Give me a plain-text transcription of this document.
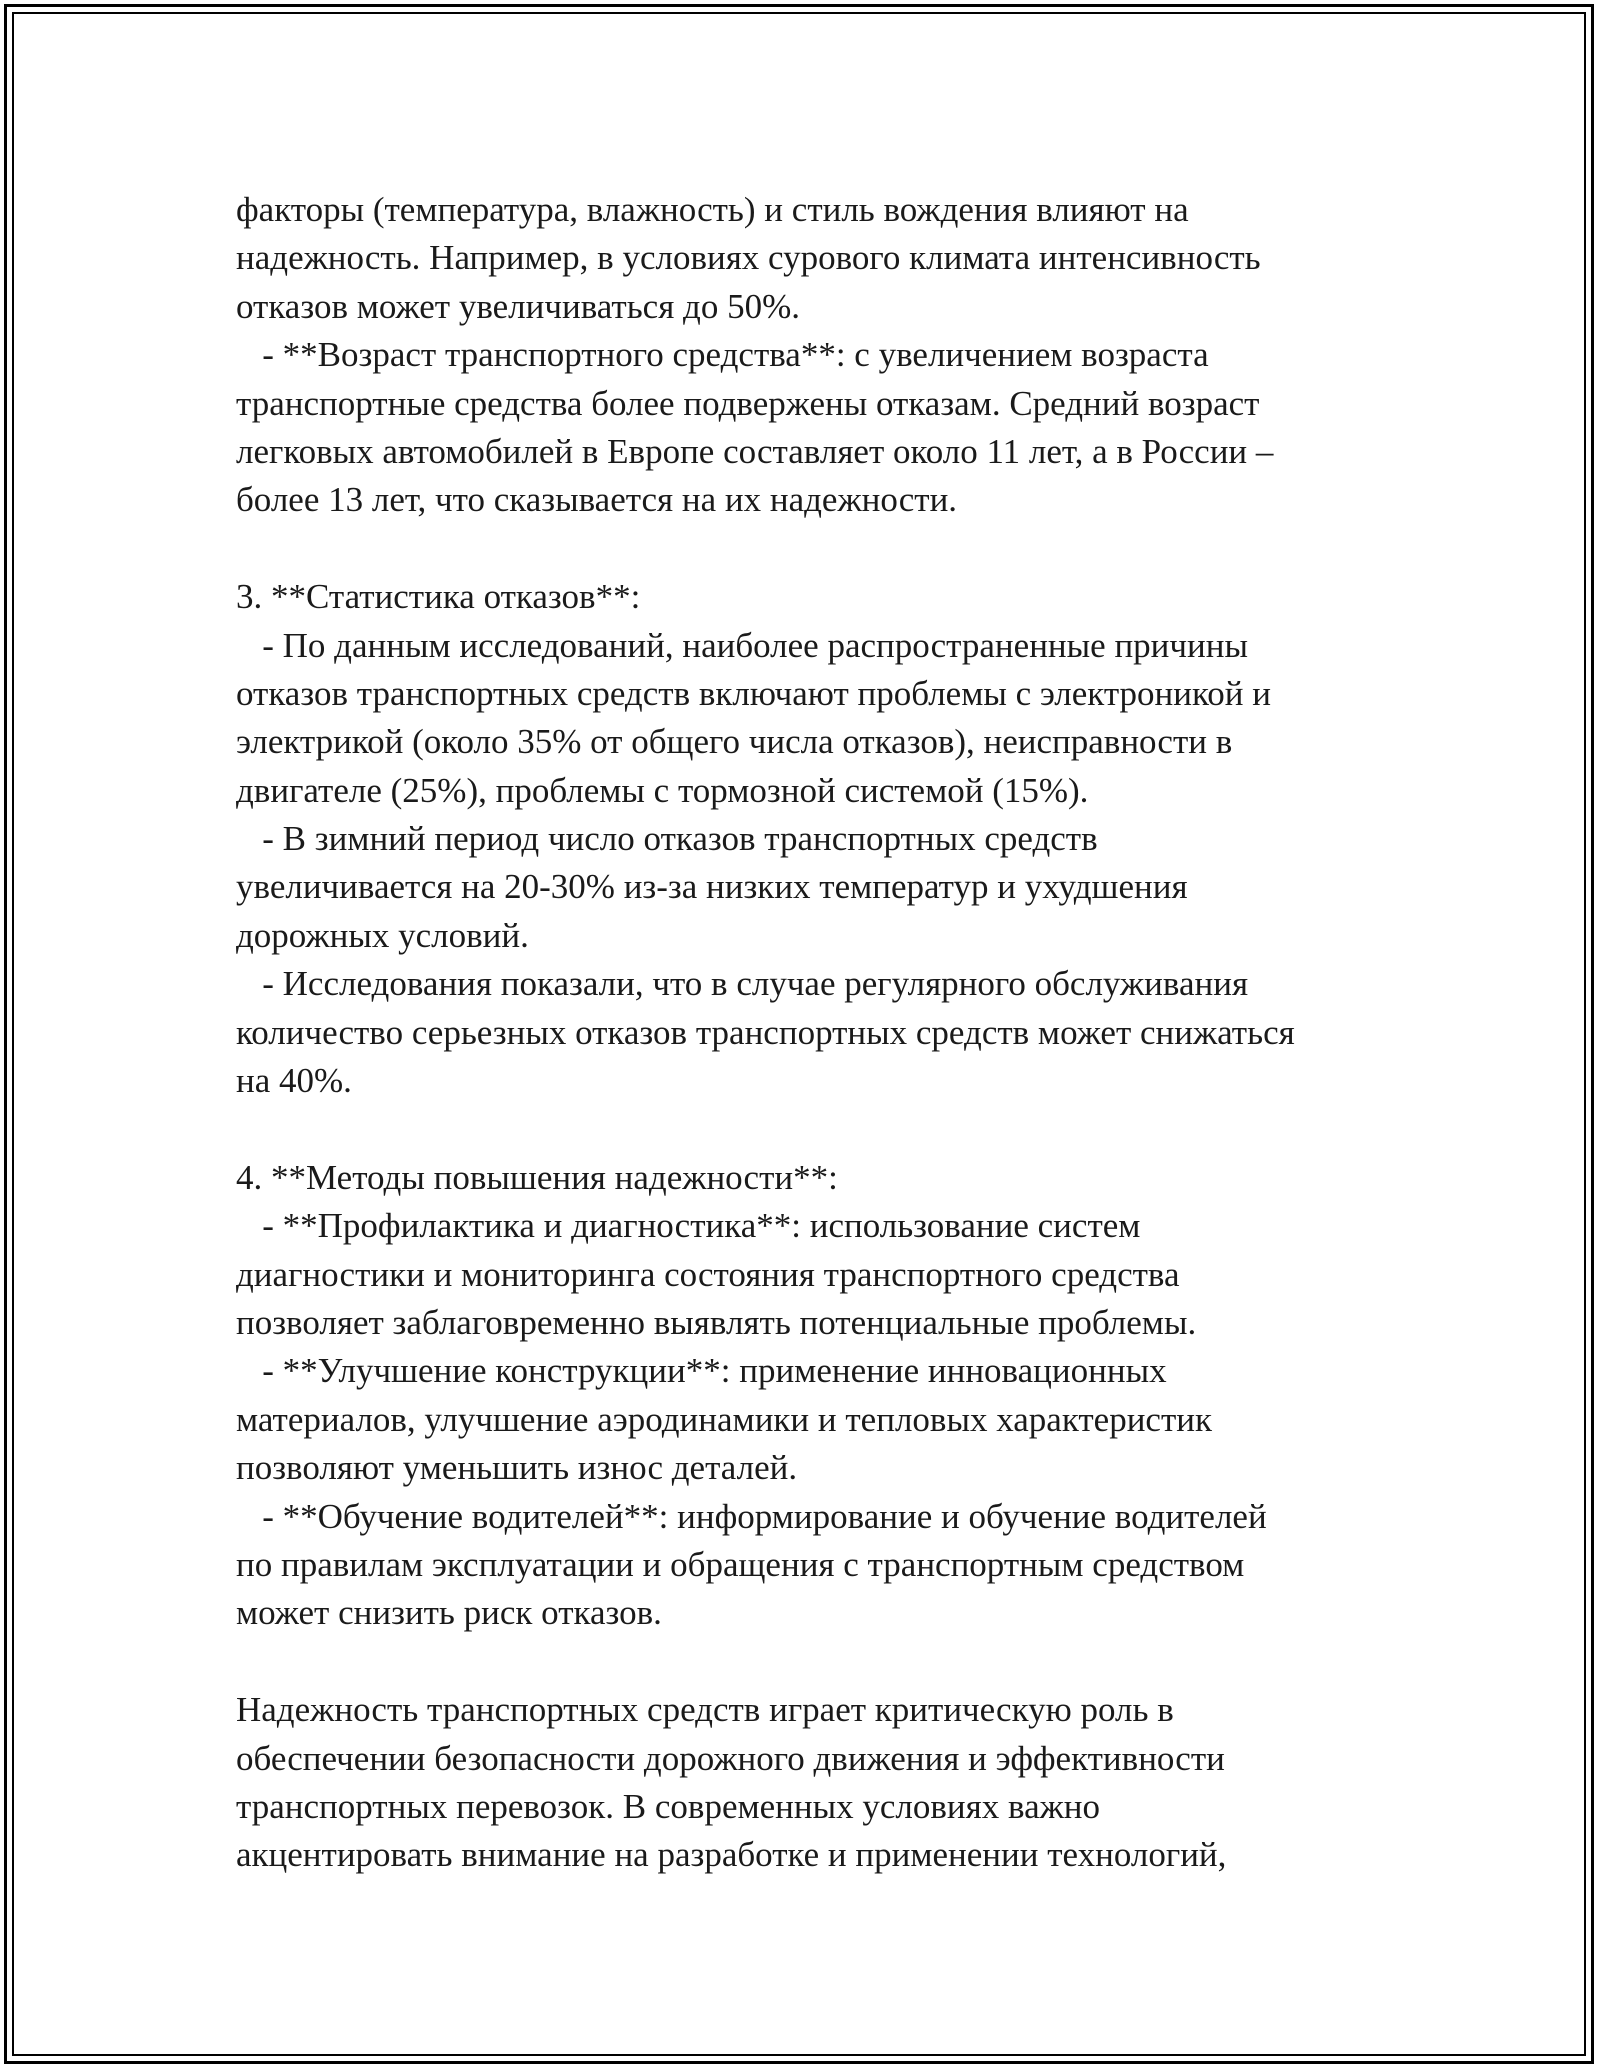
факторы (температура, влажность) и стиль вождения влияют на
надежность. Например, в условиях сурового климата интенсивность
отказов может увеличиваться до 50%.
- **Возраст транспортного средства**: с увеличением возраста
транспортные средства более подвержены отказам. Средний возраст
легковых автомобилей в Европе составляет около 11 лет, а в России –
более 13 лет, что сказывается на их надежности.
3. **Статистика отказов**:
- По данным исследований, наиболее распространенные причины
отказов транспортных средств включают проблемы с электроникой и
электрикой (около 35% от общего числа отказов), неисправности в
двигателе (25%), проблемы с тормозной системой (15%).
- В зимний период число отказов транспортных средств
увеличивается на 20-30% из-за низких температур и ухудшения
дорожных условий.
- Исследования показали, что в случае регулярного обслуживания
количество серьезных отказов транспортных средств может снижаться
на 40%.
4. **Методы повышения надежности**:
- **Профилактика и диагностика**: использование систем
диагностики и мониторинга состояния транспортного средства
позволяет заблаговременно выявлять потенциальные проблемы.
- **Улучшение конструкции**: применение инновационных
материалов, улучшение аэродинамики и тепловых характеристик
позволяют уменьшить износ деталей.
- **Обучение водителей**: информирование и обучение водителей
по правилам эксплуатации и обращения с транспортным средством
может снизить риск отказов.
Надежность транспортных средств играет критическую роль в
обеспечении безопасности дорожного движения и эффективности
транспортных перевозок. В современных условиях важно
акцентировать внимание на разработке и применении технологий,
